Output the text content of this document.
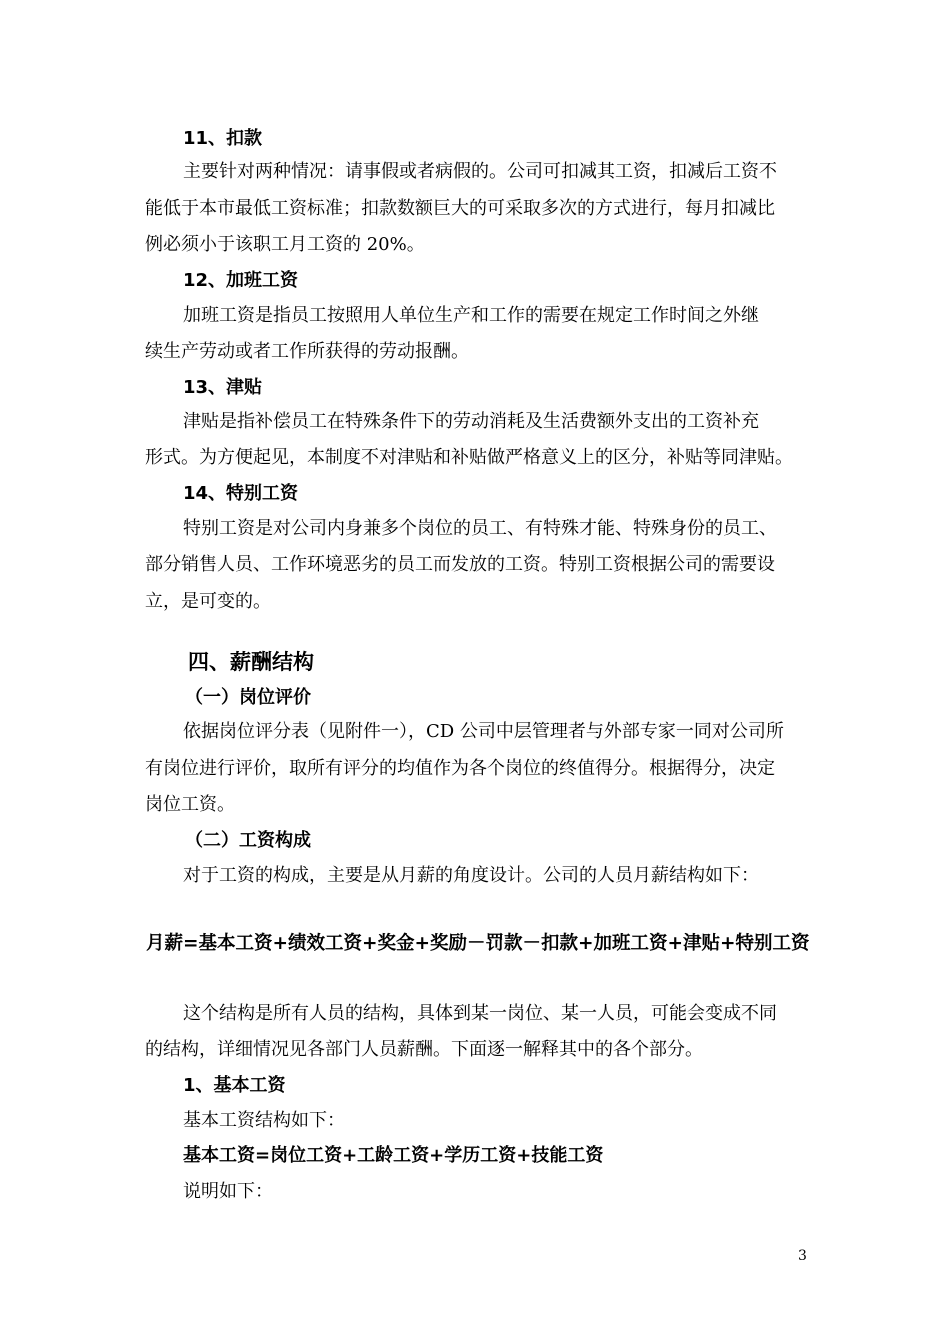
11、扣款
主要针对两种情况：请事假或者病假的。公司可扣减其工资，扣减后工资不
能低于本市最低工资标准；扣款数额巨大的可采取多次的方式进行，每月扣减比
例必须小于该职工月工资的 20%。
12、加班工资
加班工资是指员工按照用人单位生产和工作的需要在规定工作时间之外继
续生产劳动或者工作所获得的劳动报酬。
13、津贴
津贴是指补偿员工在特殊条件下的劳动消耗及生活费额外支出的工资补充
形式。为方便起见，本制度不对津贴和补贴做严格意义上的区分，补贴等同津贴。
14、特别工资
特别工资是对公司内身兼多个岗位的员工、有特殊才能、特殊身份的员工、
部分销售人员、工作环境恶劣的员工而发放的工资。特别工资根据公司的需要设
立，是可变的。
四、薪酬结构
（一）岗位评价
依据岗位评分表（见附件一），CD 公司中层管理者与外部专家一同对公司所
有岗位进行评价，取所有评分的均值作为各个岗位的终值得分。根据得分，决定
岗位工资。
（二）工资构成
对于工资的构成，主要是从月薪的角度设计。公司的人员月薪结构如下：
月薪=基本工资+绩效工资+奖金+奖励－罚款－扣款+加班工资+津贴+特别工资
这个结构是所有人员的结构，具体到某一岗位、某一人员，可能会变成不同
的结构，详细情况见各部门人员薪酬。下面逐一解释其中的各个部分。
1、基本工资
基本工资结构如下：
基本工资=岗位工资+工龄工资+学历工资+技能工资
说明如下：
3
